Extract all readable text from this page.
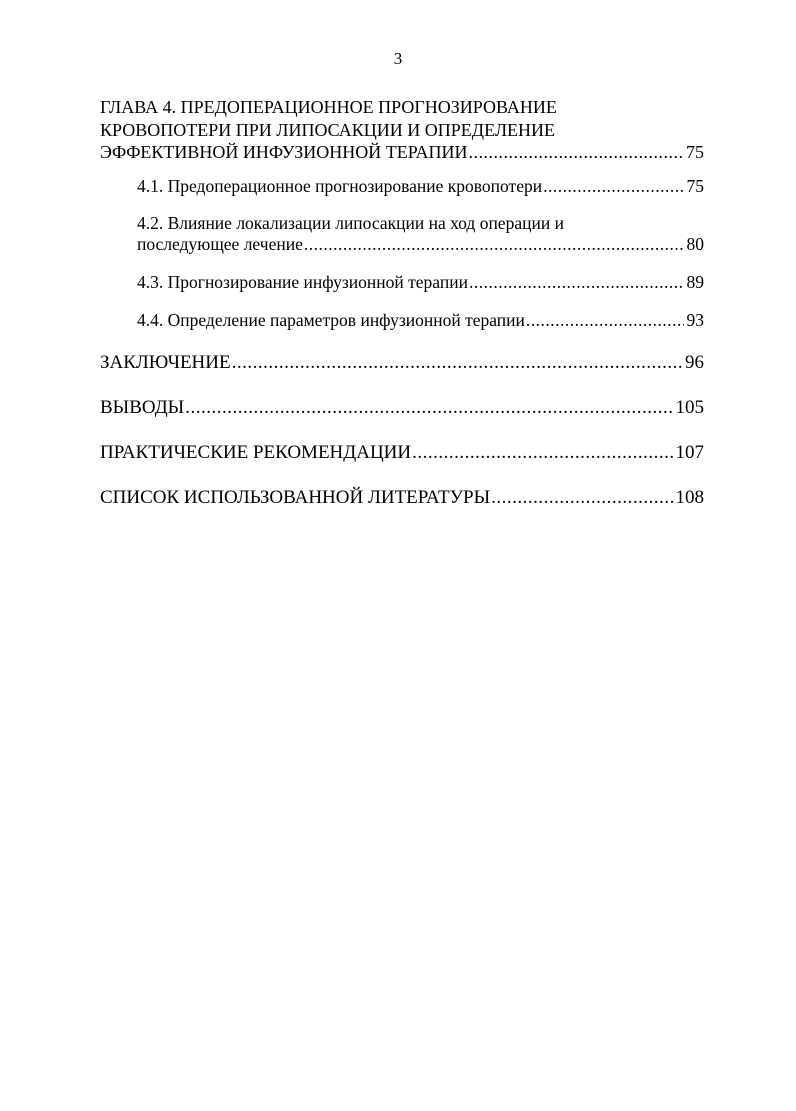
3
ГЛАВА 4. ПРЕДОПЕРАЦИОННОЕ ПРОГНОЗИРОВАНИЕ
КРОВОПОТЕРИ ПРИ ЛИПОСАКЦИИ И ОПРЕДЕЛЕНИЕ
ЭФФЕКТИВНОЙ ИНФУЗИОННОЙ ТЕРАПИИ .....	75
4.1. Предоперационное прогнозирование кровопотери .....	75
4.2. Влияние локализации липосакции на ход операции и
последующее лечение .....	80
4.3. Прогнозирование инфузионной терапии .....	89
4.4. Определение параметров инфузионной терапии .....	93
ЗАКЛЮЧЕНИЕ .....	96
ВЫВОДЫ .....	105
ПРАКТИЧЕСКИЕ РЕКОМЕНДАЦИИ .....	107
СПИСОК ИСПОЛЬЗОВАННОЙ ЛИТЕРАТУРЫ .....	108
